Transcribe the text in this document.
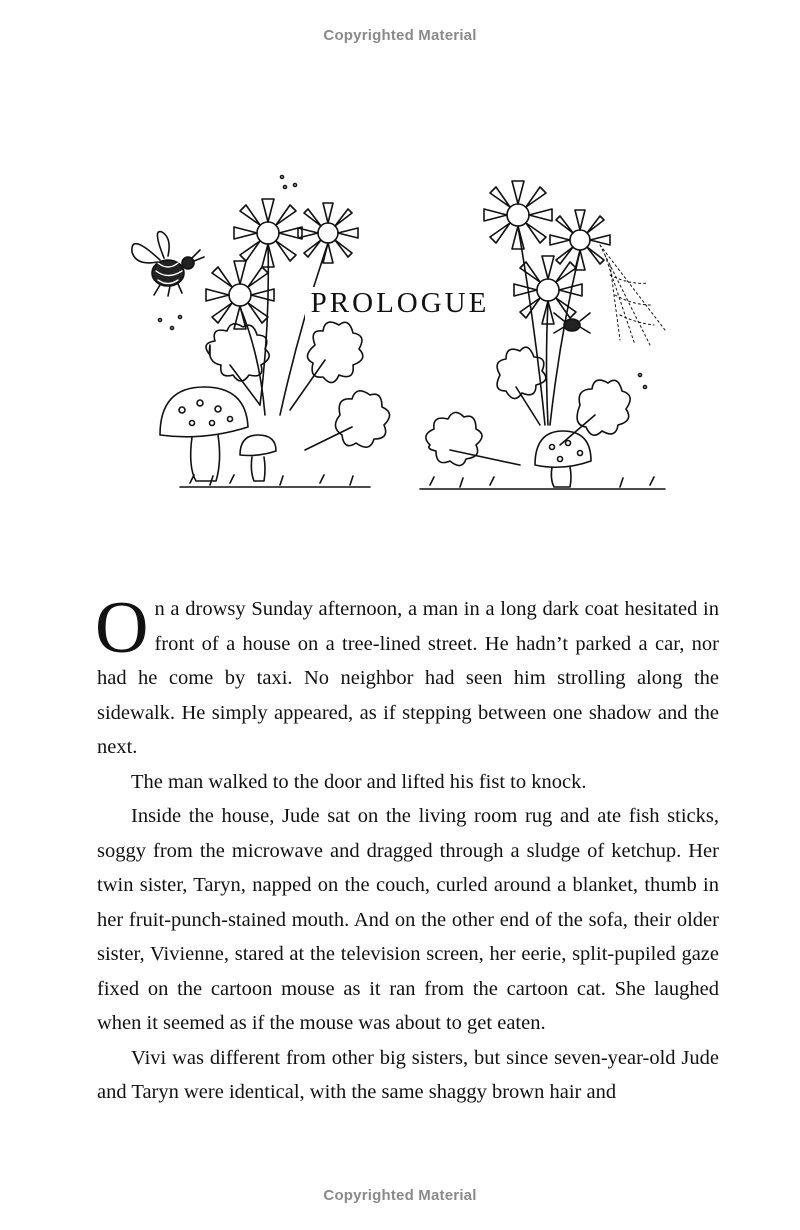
Copyrighted Material
PROLOGUE

On a drowsy Sunday afternoon, a man in a long dark coat hesitated in front of a house on a tree-lined street. He hadn’t parked a car, nor had he come by taxi. No neighbor had seen him strolling along the sidewalk. He simply appeared, as if stepping between one shadow and the next.

The man walked to the door and lifted his fist to knock.

Inside the house, Jude sat on the living room rug and ate fish sticks, soggy from the microwave and dragged through a sludge of ketchup. Her twin sister, Taryn, napped on the couch, curled around a blanket, thumb in her fruit-punch-stained mouth. And on the other end of the sofa, their older sister, Vivienne, stared at the television screen, her eerie, split-pupiled gaze fixed on the cartoon mouse as it ran from the cartoon cat. She laughed when it seemed as if the mouse was about to get eaten.

Vivi was different from other big sisters, but since seven-year-old Jude and Taryn were identical, with the same shaggy brown hair and

Copyrighted Material
